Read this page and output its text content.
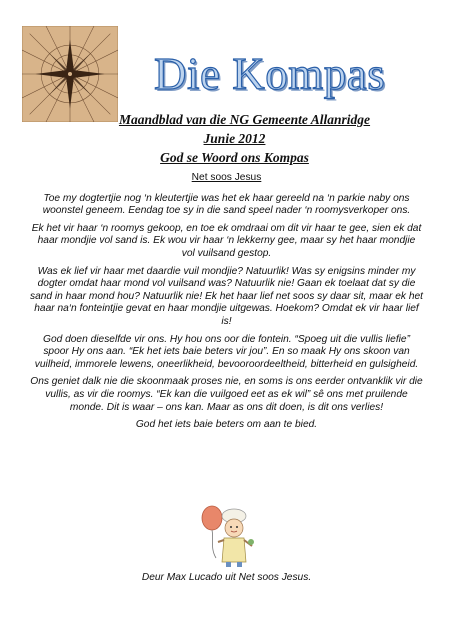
Die Kompas
Maandblad van die NG Gemeente Allanridge
Junie 2012
God se Woord ons Kompas

Net soos Jesus

Toe my dogtertjie nog ‘n kleutertjie was het ek haar gereeld na ‘n parkie naby ons woonstel geneem. Eendag toe sy in die sand speel nader ‘n roomysverkoper ons.

Ek het vir haar ‘n roomys gekoop, en toe ek omdraai om dit vir haar te gee, sien ek dat haar mondjie vol sand is. Ek wou vir haar ‘n lekkerny gee, maar sy het haar mondjie vol vuilsand gestop.

Was ek lief vir haar met daardie vuil mondjie? Natuurlik! Was sy enigsins minder my dogter omdat haar mond vol vuilsand was? Natuurlik nie! Gaan ek toelaat dat sy die sand in haar mond hou? Natuurlik nie! Ek het haar lief net soos sy daar sit, maar ek het haar na‘n fonteintjie gevat en haar mondjie uitgewas. Hoekom? Omdat ek vir haar lief is!

God doen dieselfde vir ons. Hy hou ons oor die fontein. “Spoeg uit die vullis liefie” spoor Hy ons aan. “Ek het iets baie beters vir jou”. En so maak Hy ons skoon van vuilheid, immorele lewens, oneerlikheid, bevooroordeeltheid, bitterheid en gulsigheid.

Ons geniet dalk nie die skoonmaak proses nie, en soms is ons eerder ontvanklik vir die vullis, as vir die roomys. “Ek kan die vuilgoed eet as ek wil” sê ons met pruilende monde. Dit is waar – ons kan. Maar as ons dit doen, is dit ons verlies!

God het iets baie beters om aan te bied.

Deur Max Lucado uit Net soos Jesus.
